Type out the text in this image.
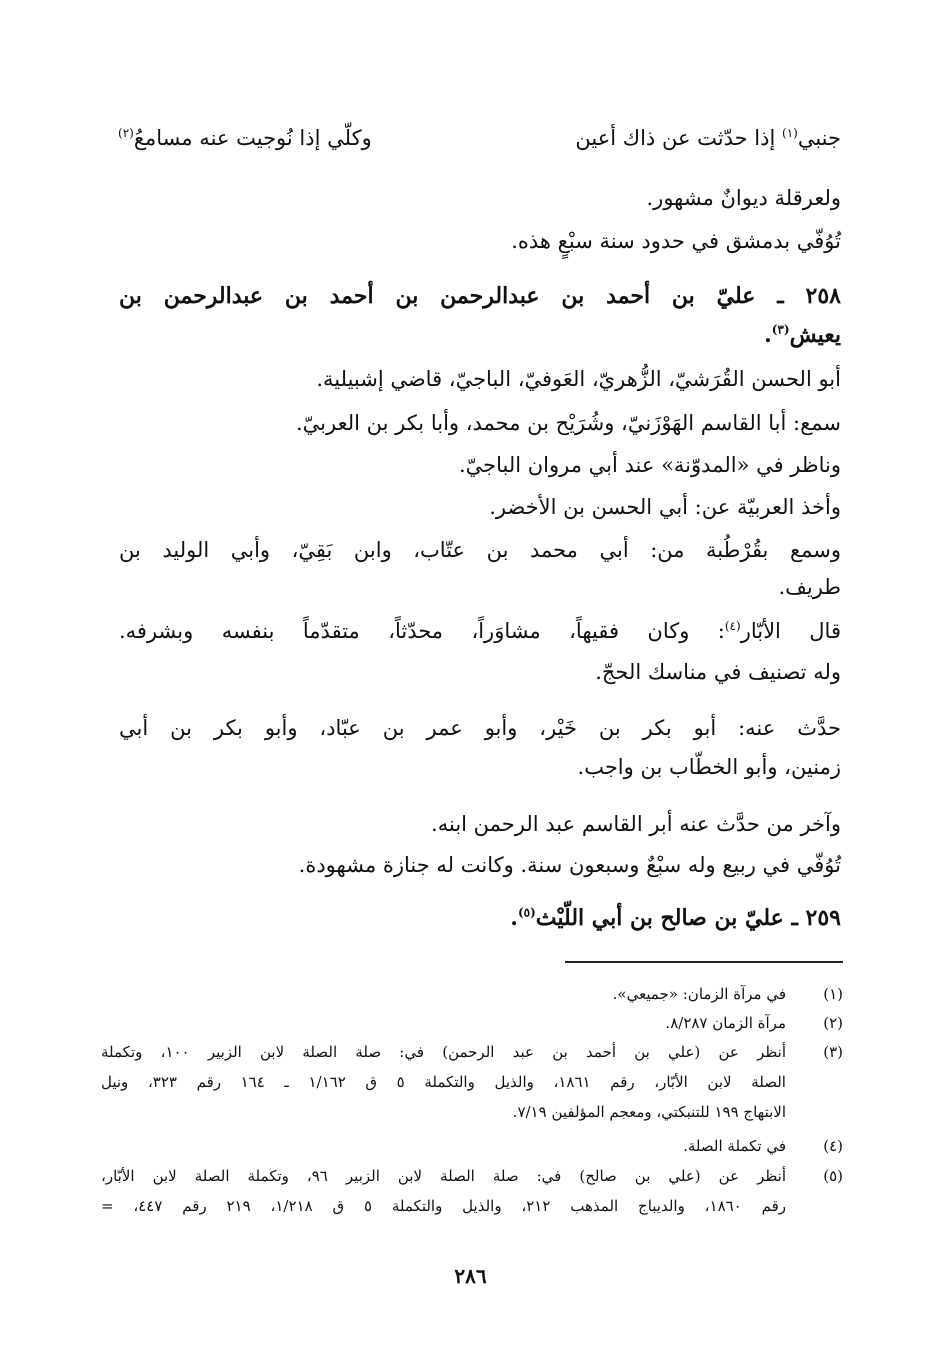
جنبي$^{(١)}$ إذا حدّثت عن ذاك أعين
وكلّي إذا نُوجيت عنه مسامعُ$^{(٢)}$
ولعرقلة ديوانٌ مشهور.
تُوُفّي بدمشق في حدود سنة سبْعٍ هذه.
٢٥٨ ـ عليّ بن أحمد بن عبدالرحمن بن أحمد بن عبدالرحمن بن
يعيش$^{(٣)}$.
أبو الحسن القُرَشيّ، الزُّهريّ، العَوفيّ، الباجيّ، قاضي إشبيلية.
سمع: أبا القاسم الهَوْزَنيّ، وشُرَيْح بن محمد، وأبا بكر بن العربيّ.
وناظر في «المدوّنة» عند أبي مروان الباجيّ.
وأخذ العربيّة عن: أبي الحسن بن الأخضر.
وسمع بقُرْطُبة من: أبي محمد بن عتّاب، وابن بَقِيّ، وأبي الوليد بن
طريف.
قال الأبّار$^{(٤)}$: وكان فقيهاً، مشاوَراً، محدّثاً، متقدّماً بنفسه وبشرفه.
وله تصنيف في مناسك الحجّ.
حدَّث عنه: أبو بكر بن خَيْر، وأبو عمر بن عبّاد، وأبو بكر بن أبي
زمنين، وأبو الخطّاب بن واجب.
وآخر من حدَّث عنه أبر القاسم عبد الرحمن ابنه.
تُوُفّي في ربيع وله سبْعٌ وسبعون سنة. وكانت له جنازة مشهودة.
٢٥٩ ـ عليّ بن صالح بن أبي اللّيْث$^{(٥)}$.
(١)
في مرآة الزمان: «جميعي».
(٢)
مرآة الزمان ٨/٢٨٧.
(٣)
أنظر عن (علي بن أحمد بن عبد الرحمن) في: صلة الصلة لابن الزبير ١٠٠، وتكملة
الصلة لابن الأبّار، رقم ١٨٦١، والذيل والتكملة ٥ ق ١/١٦٢ ـ ١٦٤ رقم ٣٢٣، ونيل
الابتهاج ١٩٩ للتنبكتي، ومعجم المؤلفين ٧/١٩.
(٤)
في تكملة الصلة.
(٥)
أنظر عن (علي بن صالح) في: صلة الصلة لابن الزبير ٩٦، وتكملة الصلة لابن الأبّار،
رقم ١٨٦٠، والديباج المذهب ٢١٢، والذيل والتكملة ٥ ق ١/٢١٨، ٢١٩ رقم ٤٤٧، =
٢٨٦
